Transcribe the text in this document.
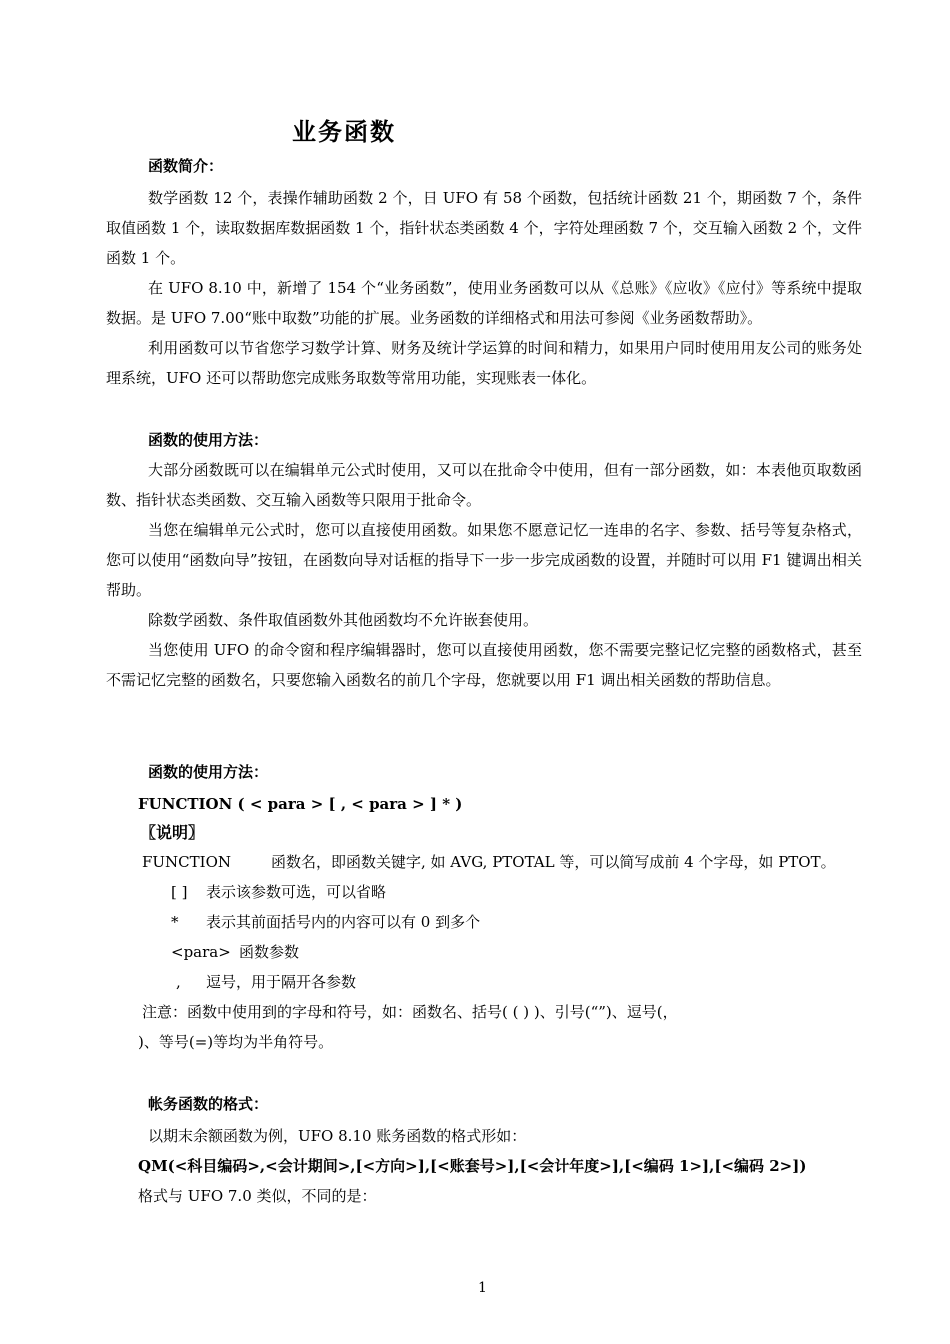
业务函数
函数简介：
数学函数 12 个，表操作辅助函数 2 个，日 UFO 有 58 个函数，包括统计函数 21 个，期函数 7 个，条件取值函数 1 个，读取数据库数据函数 1 个，指针状态类函数 4 个，字符处理函数 7 个，交互输入函数 2 个，文件函数 1 个。
在 UFO 8.10 中，新增了 154 个“业务函数”，使用业务函数可以从《总账》《应收》《应付》等系统中提取数据。是 UFO 7.00“账中取数”功能的扩展。业务函数的详细格式和用法可参阅《业务函数帮助》。
利用函数可以节省您学习数学计算、财务及统计学运算的时间和精力，如果用户同时使用用友公司的账务处理系统，UFO 还可以帮助您完成账务取数等常用功能，实现账表一体化。
函数的使用方法：
大部分函数既可以在编辑单元公式时使用，又可以在批命令中使用，但有一部分函数，如：本表他页取数函数、指针状态类函数、交互输入函数等只限用于批命令。
当您在编辑单元公式时，您可以直接使用函数。如果您不愿意记忆一连串的名字、参数、括号等复杂格式，您可以使用“函数向导”按钮，在函数向导对话框的指导下一步一步完成函数的设置，并随时可以用 F1 键调出相关帮助。
除数学函数、条件取值函数外其他函数均不允许嵌套使用。
当您使用 UFO 的命令窗和程序编辑器时，您可以直接使用函数，您不需要完整记忆完整的函数格式，甚至不需记忆完整的函数名，只要您输入函数名的前几个字母，您就要以用 F1 调出相关函数的帮助信息。
函数的使用方法：
FUNCTION ( < para > [ , < para > ] * )
〖说明〗
FUNCTION	函数名，即函数关键字, 如 AVG, PTOTAL 等，可以简写成前 4 个字母，如 PTOT。
[ ] 表示该参数可选，可以省略
* 表示其前面括号内的内容可以有 0 到多个
<para> 函数参数
, 逗号，用于隔开各参数
注意：函数中使用到的字母和符号，如：函数名、括号( ( ) )、引号(“”)、逗号(，
)、等号(=)等均为半角符号。
帐务函数的格式：
以期末余额函数为例，UFO 8.10 账务函数的格式形如：
QM(<科目编码>,<会计期间>,[<方向>],[<账套号>],[<会计年度>],[<编码 1>],[<编码 2>])
格式与 UFO 7.0 类似，不同的是：
1
